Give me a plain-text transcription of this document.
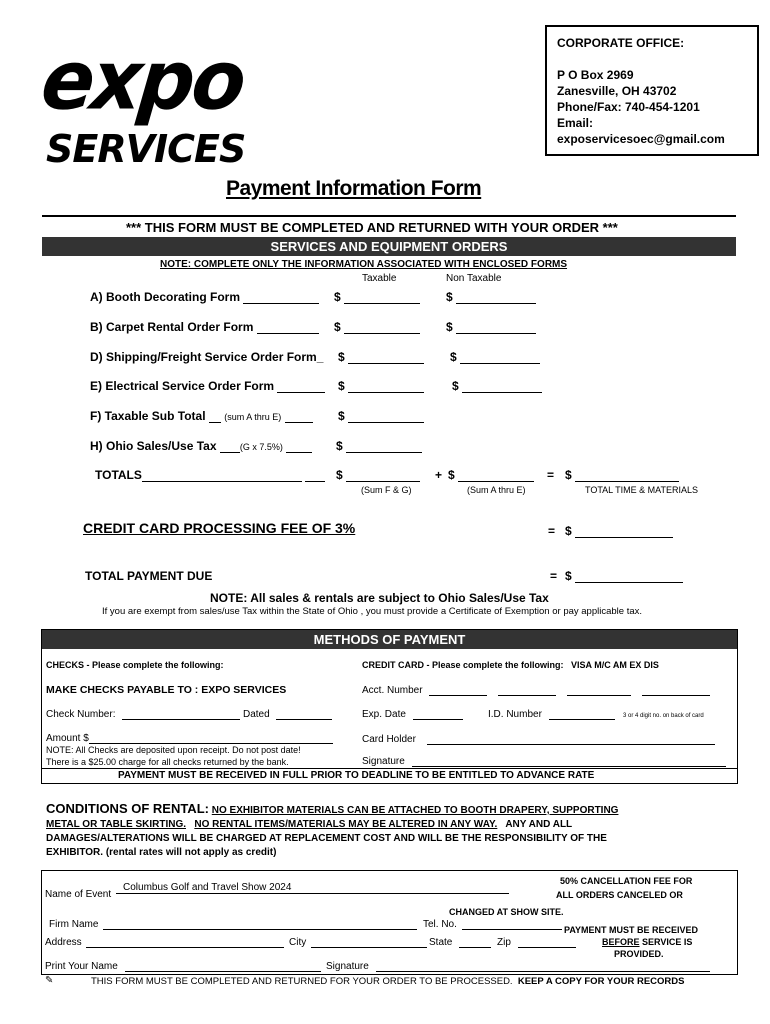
expo
SERVICES
CORPORATE OFFICE:
P O Box 2969
Zanesville, OH 43702
Phone/Fax: 740-454-1201
Email:
exposervicesoec@gmail.com
Payment Information Form
*** THIS FORM MUST BE COMPLETED AND RETURNED WITH YOUR ORDER ***
SERVICES AND EQUIPMENT ORDERS
NOTE: COMPLETE ONLY THE INFORMATION ASSOCIATED WITH ENCLOSED FORMS
Taxable	Non Taxable
A) Booth Decorating Form	$	$
B) Carpet Rental Order Form	$	$
D) Shipping/Freight Service Order Form_ $	$
E) Electrical Service Order Form	$	$
F) Taxable Sub Total (sum A thru E)	$
H) Ohio Sales/Use Tax	(G x 7.5%)	$
TOTALS	$	+ $	= $
(Sum F & G)	(Sum A thru E)	TOTAL TIME & MATERIALS
CREDIT CARD PROCESSING FEE OF 3%	= $
TOTAL PAYMENT DUE	= $
NOTE: All sales & rentals are subject to Ohio Sales/Use Tax
If you are exempt from sales/use Tax within the State of Ohio , you must provide a Certificate of Exemption or pay applicable tax.
METHODS OF PAYMENT
CHECKS - Please complete the following:
MAKE CHECKS PAYABLE TO : EXPO SERVICES
Check Number:	Dated
Amount $
NOTE: All Checks are deposited upon receipt. Do not post date!
There is a $25.00 charge for all checks returned by the bank.
CREDIT CARD - Please complete the following: VISA M/C AM EX DIS
Acct. Number
Exp. Date	I.D. Number	3 or 4 digit no. on back of card
Card Holder
Signature
PAYMENT MUST BE RECEIVED IN FULL PRIOR TO DEADLINE TO BE ENTITLED TO ADVANCE RATE
CONDITIONS OF RENTAL: NO EXHIBITOR MATERIALS CAN BE ATTACHED TO BOOTH DRAPERY, SUPPORTING
METAL OR TABLE SKIRTING. NO RENTAL ITEMS/MATERIALS MAY BE ALTERED IN ANY WAY. ANY AND ALL
DAMAGES/ALTERATIONS WILL BE CHARGED AT REPLACEMENT COST AND WILL BE THE RESPONSIBILITY OF THE
EXHIBITOR. (rental rates will not apply as credit)
Name of Event
Columbus Golf and Travel Show 2024
50% CANCELLATION FEE FOR
ALL ORDERS CANCELED OR
CHANGED AT SHOW SITE.
Firm Name	Tel. No.	PAYMENT MUST BE RECEIVED
BEFORE SERVICE IS
PROVIDED.
Address	City	State	Zip
Print Your Name	Signature
✎	THIS FORM MUST BE COMPLETED AND RETURNED FOR YOUR ORDER TO BE PROCESSED. KEEP A COPY FOR YOUR RECORDS
